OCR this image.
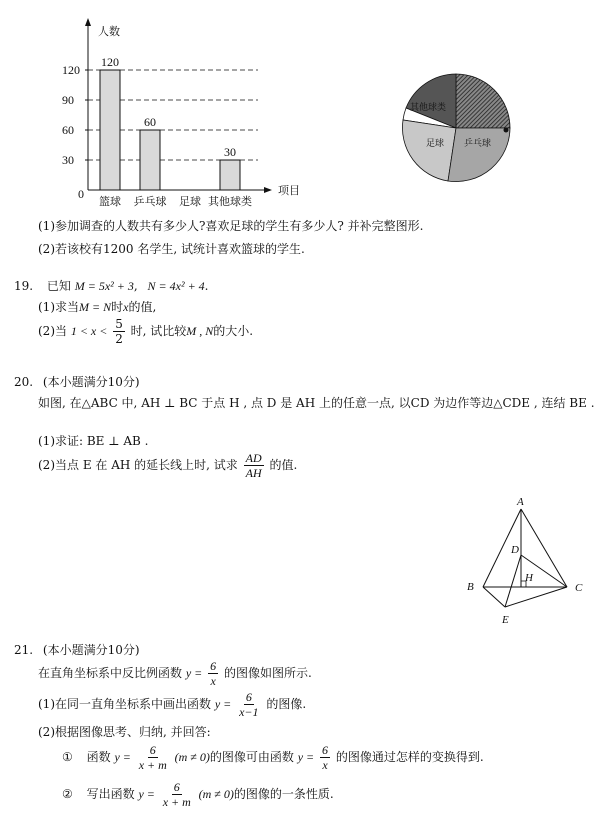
30
60
90
120
120
篮球
60
乒乓球 足球
30
其他球类
人数
项目
0
其他球类
足球 乒乓球
(1)参加调查的人数共有多少人?喜欢足球的学生有多少人? 并补完整图形.
(2)若该校有1200 名学生, 试统计喜欢篮球的学生.
19. 已知 M = 5x² + 3, N = 4x² + 4.
(1)求当M = N时x的值,
(2)当 $1 < x < \frac{5}{2}$ 时, 试比较M , N的大小.
20. (本小题满分10分)
如图, 在△ABC 中, AH ⊥ BC 于点 H , 点 D 是 AH 上的任意一点, 以CD 为边作等边△CDE , 连结 BE .
(1)求证: BE ⊥ AB .
(2)当点 E 在 AH 的延长线上时, 试求 $\frac{AD}{AH}$ 的值.
A
D
H
B	C
E
21. (本小题满分10分)
在直角坐标系中反比例函数 $y = \frac{6}{x}$ 的图像如图所示.
(1)在同一直角坐标系中画出函数 $y = \frac{6}{x-1}$ 的图像.
(2)根据图像思考、归纳, 并回答:
① 函数 $y = \frac{6}{x + m} (m \ne 0)$的图像可由函数 $y = \frac{6}{x}$ 的图像通过怎样的变换得到.
② 写出函数 $y = \frac{6}{x + m} (m \ne 0)$的图像的一条性质.
